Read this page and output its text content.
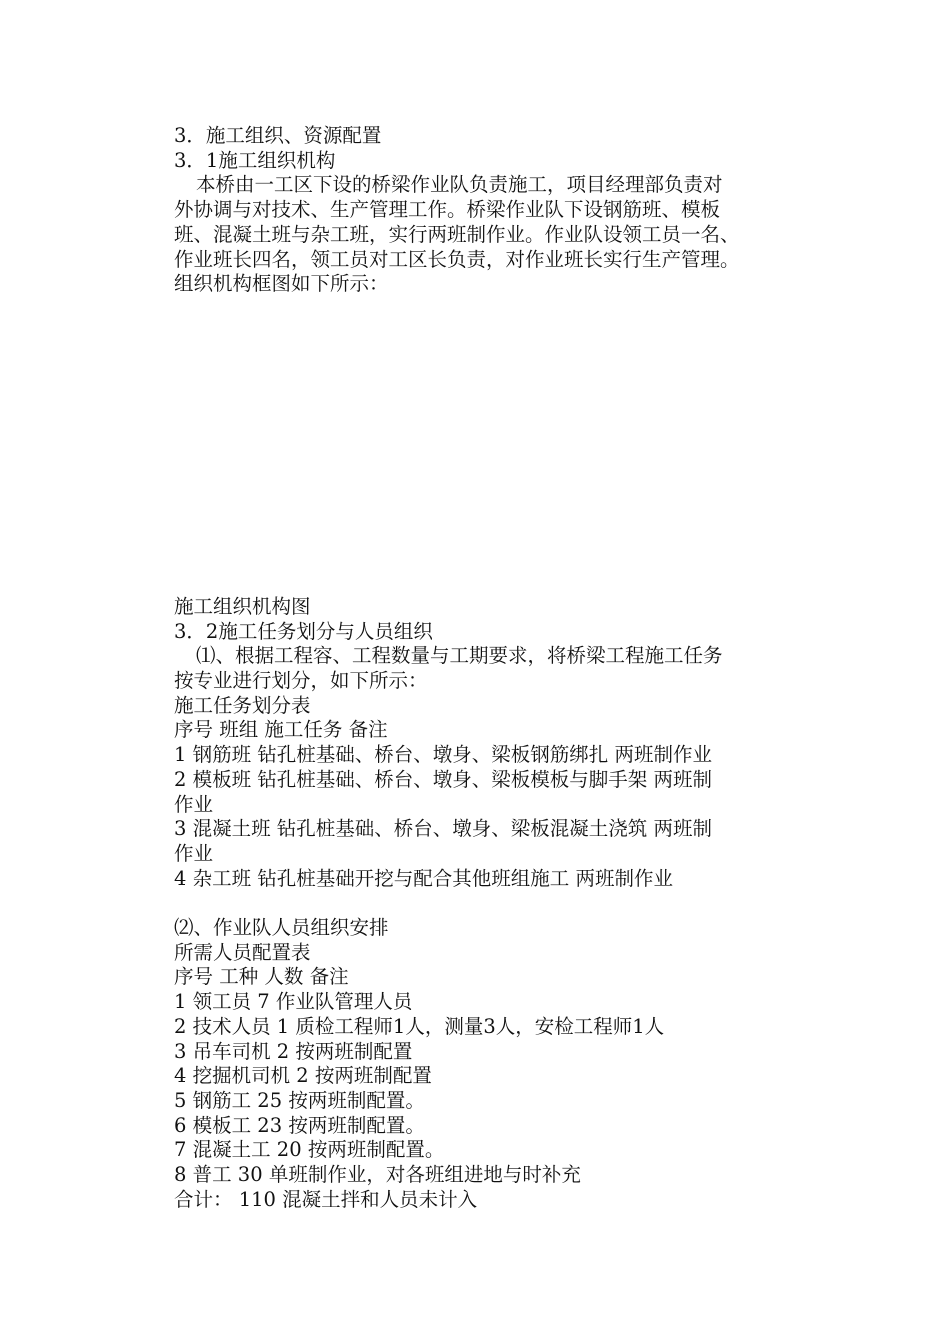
3．施工组织、资源配置

3．1施工组织机构

本桥由一工区下设的桥梁作业队负责施工，项目经理部负责对

外协调与对技术、生产管理工作。桥梁作业队下设钢筋班、模板

班、混凝土班与杂工班，实行两班制作业。作业队设领工员一名、

作业班长四名，领工员对工区长负责，对作业班长实行生产管理。

组织机构框图如下所示：

施工组织机构图

3．2施工任务划分与人员组织

⑴、根据工程容、工程数量与工期要求，将桥梁工程施工任务

按专业进行划分，如下所示：

施工任务划分表

序号 班组 施工任务 备注

1 钢筋班 钻孔桩基础、桥台、墩身、梁板钢筋绑扎 两班制作业

2 模板班 钻孔桩基础、桥台、墩身、梁板模板与脚手架 两班制

作业

3 混凝土班 钻孔桩基础、桥台、墩身、梁板混凝土浇筑 两班制

作业

4 杂工班 钻孔桩基础开挖与配合其他班组施工 两班制作业

⑵、作业队人员组织安排

所需人员配置表

序号 工种 人数 备注

1 领工员 7 作业队管理人员

2 技术人员 1 质检工程师1人，测量3人，安检工程师1人

3 吊车司机 2 按两班制配置

4 挖掘机司机 2 按两班制配置

5 钢筋工 25 按两班制配置。

6 模板工 23 按两班制配置。

7 混凝土工 20 按两班制配置。

8 普工 30 单班制作业，对各班组进地与时补充

合计： 110 混凝土拌和人员未计入
